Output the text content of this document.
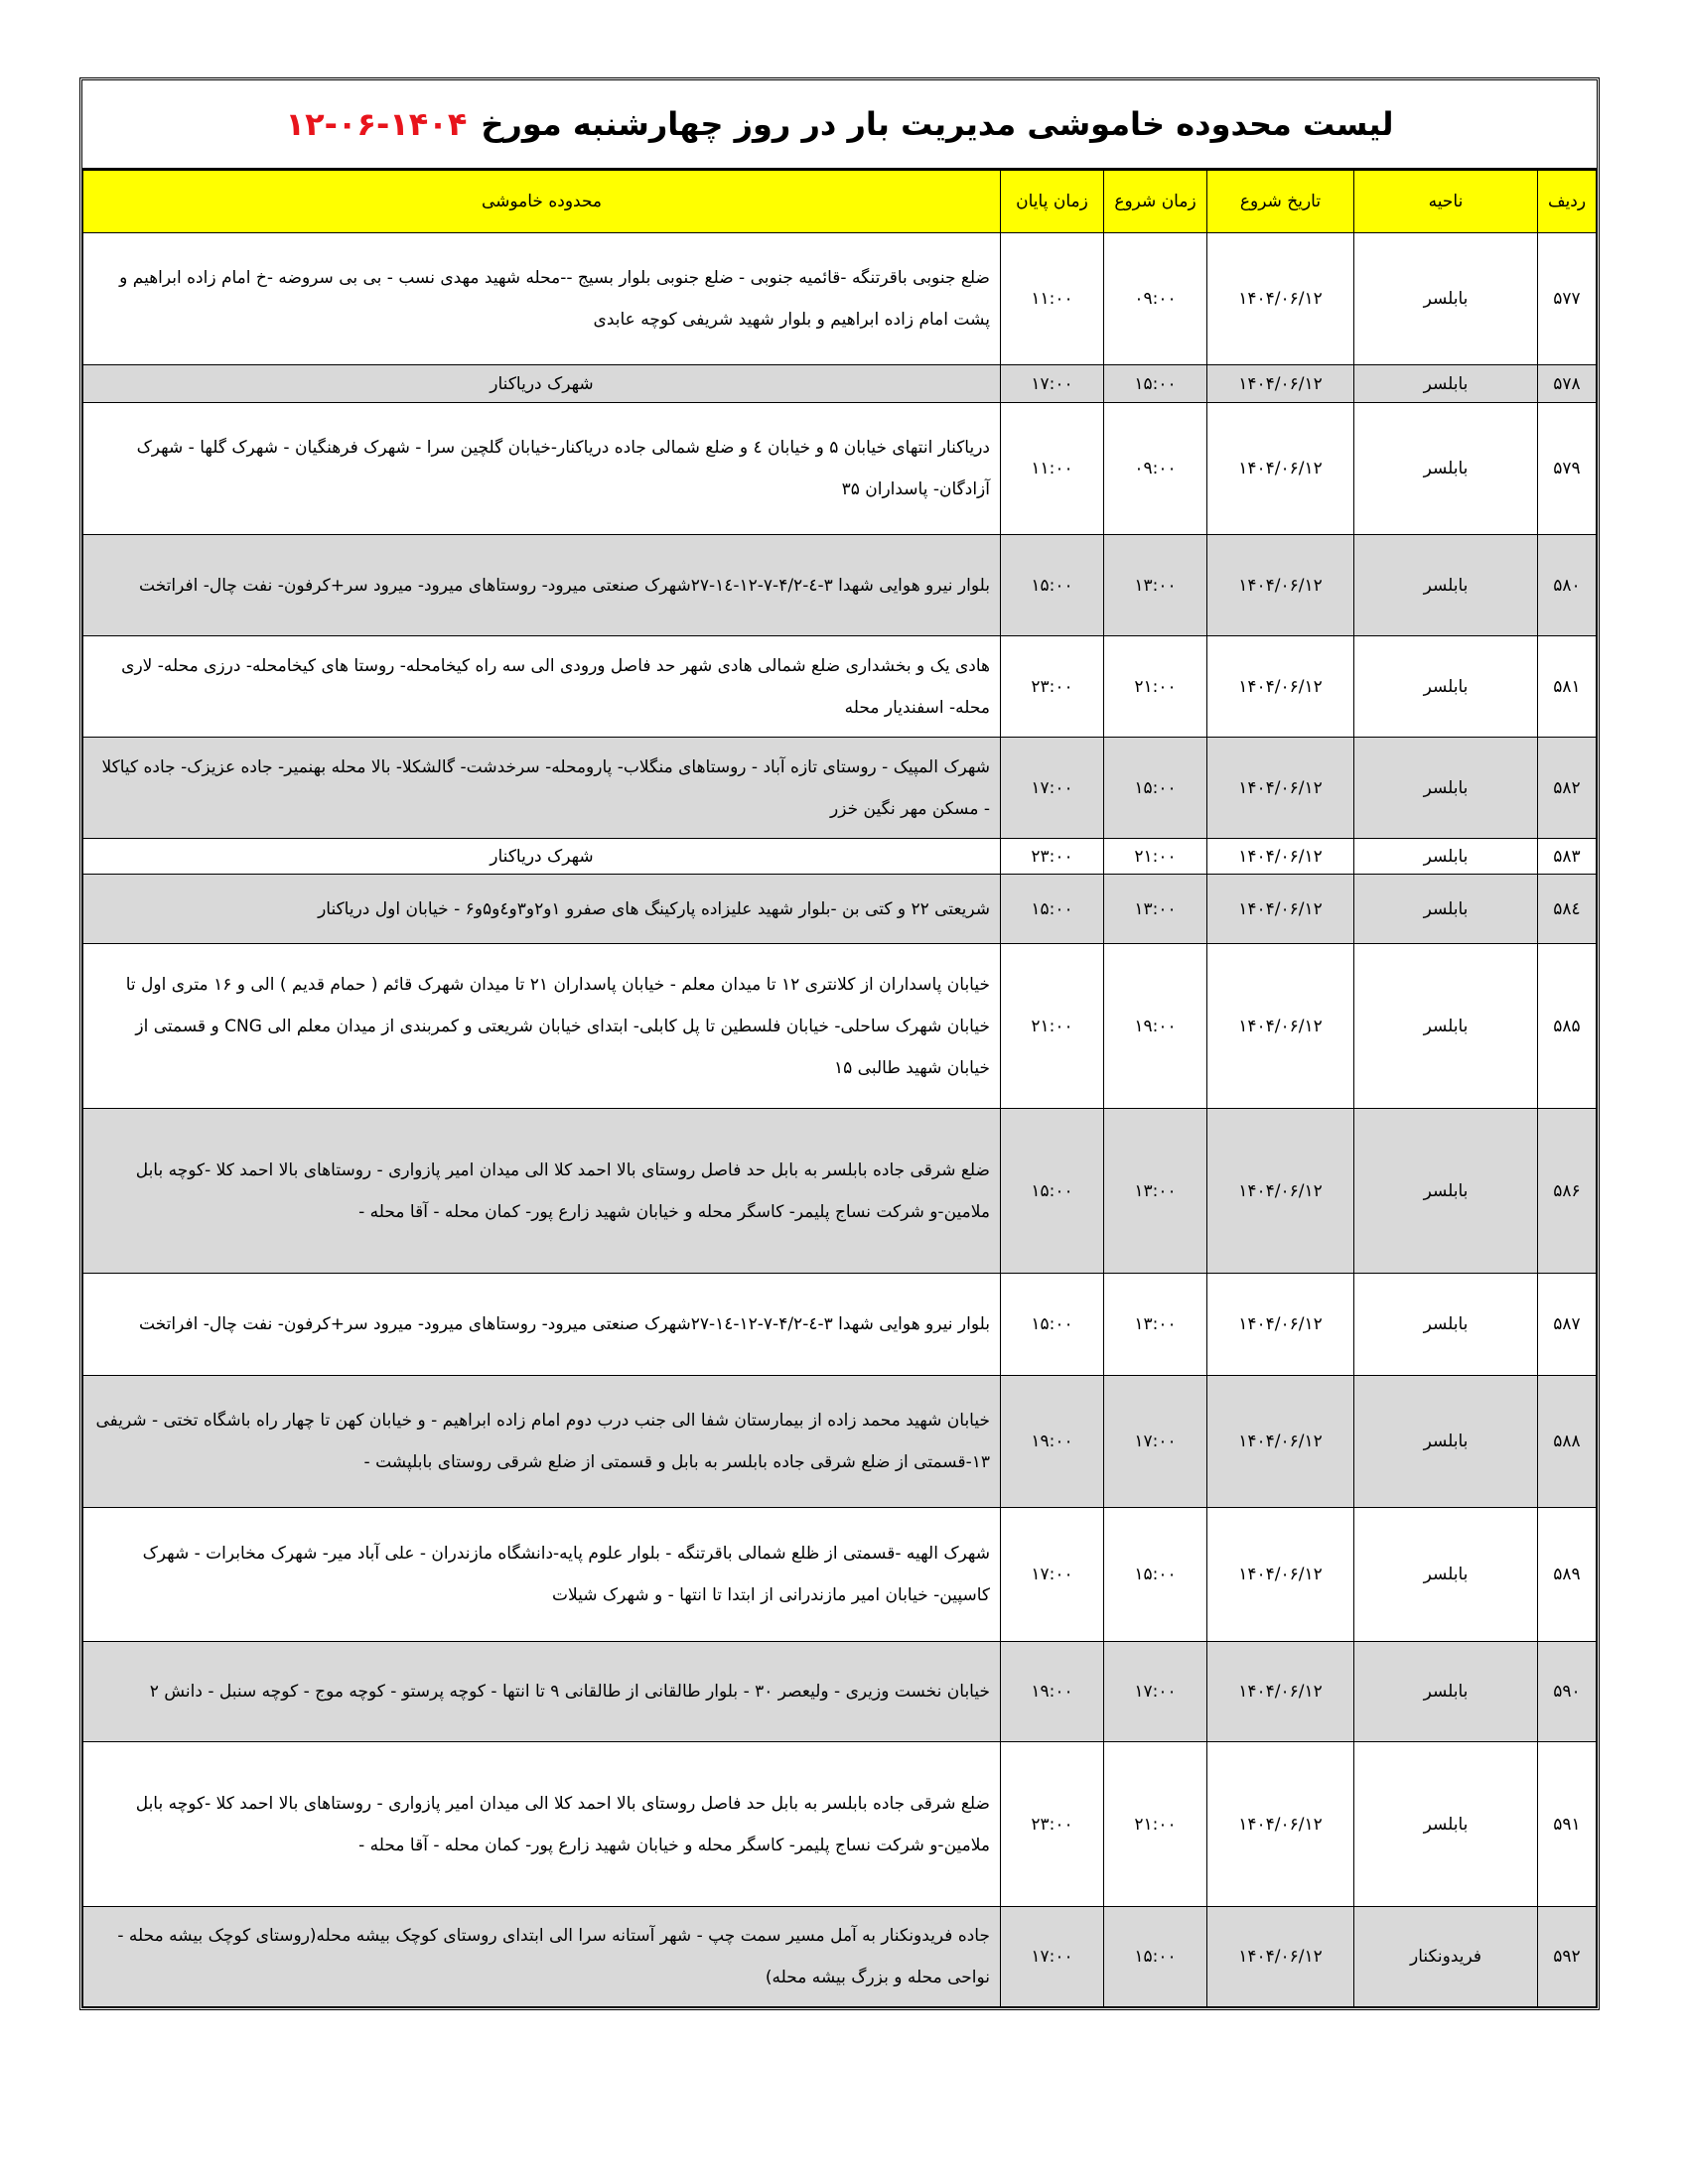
لیست محدوده خاموشی مدیریت بار در روز چهارشنبه مورخ
۱۲-۰۶-۱۴۰۴
ردیف	ناحیه	تاریخ شروع	زمان شروع	زمان پایان	محدوده خاموشی
۵۷۷	بابلسر	۱۴۰۴/۰۶/۱۲	۰۹:۰۰	۱۱:۰۰	ضلع جنوبی باقرتنگه -قائمیه جنوبی - ضلع جنوبی بلوار بسیج --محله شهید مهدی نسب - بی بی سروضه -خ امام زاده ابراهیم و پشت امام زاده ابراهیم و بلوار شهید شریفی کوچه عابدی
۵۷۸	بابلسر	۱۴۰۴/۰۶/۱۲	۱۵:۰۰	۱۷:۰۰	شهرک دریاکنار
۵۷۹	بابلسر	۱۴۰۴/۰۶/۱۲	۰۹:۰۰	۱۱:۰۰	دریاکنار انتهای خیابان ۵ و خیابان ٤ و ضلع شمالی جاده دریاکنار-خیابان گلچین سرا - شهرک فرهنگیان - شهرک گلها - شهرک آزادگان- پاسداران ۳۵
۵۸۰	بابلسر	۱۴۰۴/۰۶/۱۲	۱۳:۰۰	۱۵:۰۰	بلوار نیرو هوایی شهدا ۳-٤-۴/۲-۷-۱۲-۱٤-۲۷شهرک صنعتی میرود- روستاهای میرود- میرود سر+کرفون- نفت چال- افراتخت
۵۸۱	بابلسر	۱۴۰۴/۰۶/۱۲	۲۱:۰۰	۲۳:۰۰	هادی یک و بخشداری ضلع شمالی هادی شهر حد فاصل ورودی الی سه راه کیخامحله- روستا های کیخامحله- درزی محله- لاری محله- اسفندیار محله
۵۸۲	بابلسر	۱۴۰۴/۰۶/۱۲	۱۵:۰۰	۱۷:۰۰	شهرک المپیک - روستای تازه آباد - روستاهای منگلاب- پارومحله- سرخدشت- گالشکلا- بالا محله بهنمیر- جاده عزیزک- جاده کیاکلا - مسکن مهر نگین خزر
۵۸۳	بابلسر	۱۴۰۴/۰۶/۱۲	۲۱:۰۰	۲۳:۰۰	شهرک دریاکنار
۵۸٤	بابلسر	۱۴۰۴/۰۶/۱۲	۱۳:۰۰	۱۵:۰۰	شریعتی ۲۲ و کتی بن -بلوار شهید علیزاده پارکینگ های صفرو ۱و۲و۳و٤و۵و۶ - خیابان اول دریاکنار
۵۸۵	بابلسر	۱۴۰۴/۰۶/۱۲	۱۹:۰۰	۲۱:۰۰	خیابان پاسداران از کلانتری ۱۲ تا میدان معلم - خیابان پاسداران ۲۱ تا میدان شهرک قائم ( حمام قدیم ) الی و ۱۶ متری اول تا خیابان شهرک ساحلی- خیابان فلسطین تا پل کابلی- ابتدای خیابان شریعتی و کمربندی از میدان معلم الی CNG و قسمتی از خیابان شهید طالبی ۱۵
۵۸۶	بابلسر	۱۴۰۴/۰۶/۱۲	۱۳:۰۰	۱۵:۰۰	ضلع شرقی جاده بابلسر به بابل حد فاصل روستای بالا احمد کلا الی میدان امیر پازواری - روستاهای بالا احمد کلا -کوچه بابل ملامین-و شرکت نساج پلیمر- کاسگر محله و خیابان شهید زارع پور- کمان محله - آقا محله -
۵۸۷	بابلسر	۱۴۰۴/۰۶/۱۲	۱۳:۰۰	۱۵:۰۰	بلوار نیرو هوایی شهدا ۳-٤-۴/۲-۷-۱۲-۱٤-۲۷شهرک صنعتی میرود- روستاهای میرود- میرود سر+کرفون- نفت چال- افراتخت
۵۸۸	بابلسر	۱۴۰۴/۰۶/۱۲	۱۷:۰۰	۱۹:۰۰	خیابان شهید محمد زاده از بیمارستان شفا الی جنب درب دوم امام زاده ابراهیم - و خیابان کهن تا چهار راه باشگاه تختی - شریفی ۱۳-قسمتی از ضلع شرقی جاده بابلسر به بابل و قسمتی از ضلع شرقی روستای بابلپشت -
۵۸۹	بابلسر	۱۴۰۴/۰۶/۱۲	۱۵:۰۰	۱۷:۰۰	شهرک الهیه -قسمتی از ظلع شمالی باقرتنگه - بلوار علوم پایه-دانشگاه مازندران - علی آباد میر- شهرک مخابرات - شهرک کاسپین- خیابان امیر مازندرانی از ابتدا تا انتها - و شهرک شیلات
۵۹۰	بابلسر	۱۴۰۴/۰۶/۱۲	۱۷:۰۰	۱۹:۰۰	خیابان نخست وزیری - ولیعصر ۳۰ - بلوار طالقانی از طالقانی ۹ تا انتها - کوچه پرستو - کوچه موج - کوچه سنبل - دانش ۲
۵۹۱	بابلسر	۱۴۰۴/۰۶/۱۲	۲۱:۰۰	۲۳:۰۰	ضلع شرقی جاده بابلسر به بابل حد فاصل روستای بالا احمد کلا الی میدان امیر پازواری - روستاهای بالا احمد کلا -کوچه بابل ملامین-و شرکت نساج پلیمر- کاسگر محله و خیابان شهید زارع پور- کمان محله - آقا محله -
۵۹۲	فریدونکنار	۱۴۰۴/۰۶/۱۲	۱۵:۰۰	۱۷:۰۰	جاده فریدونکنار به آمل مسیر سمت چپ - شهر آستانه سرا الی ابتدای روستای کوچک بیشه محله(روستای کوچک بیشه محله - نواحی محله و بزرگ بیشه محله)
